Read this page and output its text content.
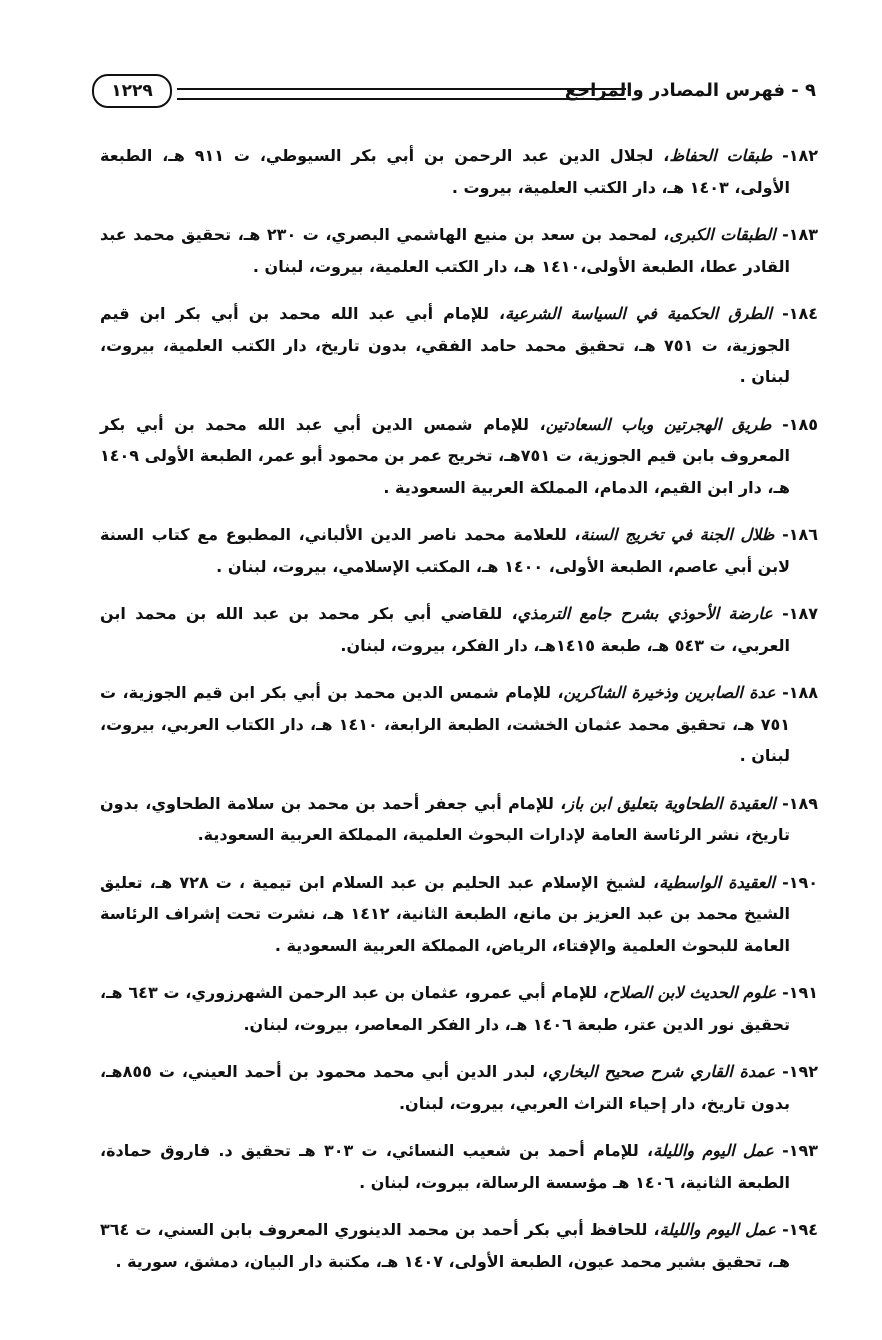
٩ - فهرس المصادر والمراجع
١٢٢٩

١٨٢- طبقات الحفاظ، لجلال الدين عبد الرحمن بن أبي بكر السيوطي، ت ٩١١ هـ، الطبعة الأولى، ١٤٠٣ هـ، دار الكتب العلمية، بيروت .

١٨٣- الطبقات الكبرى، لمحمد بن سعد بن منيع الهاشمي البصري، ت ٢٣٠ هـ، تحقيق محمد عبد القادر عطا، الطبعة الأولى،١٤١٠ هـ، دار الكتب العلمية، بيروت، لبنان .

١٨٤- الطرق الحكمية في السياسة الشرعية، للإمام أبي عبد الله محمد بن أبي بكر ابن قيم الجوزية، ت ٧٥١ هـ، تحقيق محمد حامد الفقي، بدون تاريخ، دار الكتب العلمية، بيروت، لبنان .

١٨٥- طريق الهجرتين وباب السعادتين، للإمام شمس الدين أبي عبد الله محمد بن أبي بكر المعروف بابن قيم الجوزية، ت ٧٥١هـ، تخريج عمر بن محمود أبو عمر، الطبعة الأولى ١٤٠٩ هـ، دار ابن القيم، الدمام، المملكة العربية السعودية .

١٨٦- ظلال الجنة في تخريج السنة، للعلامة محمد ناصر الدين الألباني، المطبوع مع كتاب السنة لابن أبي عاصم، الطبعة الأولى، ١٤٠٠ هـ، المكتب الإسلامي، بيروت، لبنان .

١٨٧- عارضة الأحوذي بشرح جامع الترمذي، للقاضي أبي بكر محمد بن عبد الله بن محمد ابن العربي، ت ٥٤٣ هـ، طبعة ١٤١٥هـ، دار الفكر، بيروت، لبنان.

١٨٨- عدة الصابرين وذخيرة الشاكرين، للإمام شمس الدين محمد بن أبي بكر ابن قيم الجوزية، ت ٧٥١ هـ، تحقيق محمد عثمان الخشت، الطبعة الرابعة، ١٤١٠ هـ، دار الكتاب العربي، بيروت، لبنان .

١٨٩- العقيدة الطحاوية بتعليق ابن باز، للإمام أبي جعفر أحمد بن محمد بن سلامة الطحاوي، بدون تاريخ، نشر الرئاسة العامة لإدارات البحوث العلمية، المملكة العربية السعودية.

١٩٠- العقيدة الواسطية، لشيخ الإسلام عبد الحليم بن عبد السلام ابن تيمية ، ت ٧٢٨ هـ، تعليق الشيخ محمد بن عبد العزيز بن مانع، الطبعة الثانية، ١٤١٢ هـ، نشرت تحت إشراف الرئاسة العامة للبحوث العلمية والإفتاء، الرياض، المملكة العربية السعودية .

١٩١- علوم الحديث لابن الصلاح، للإمام أبي عمرو، عثمان بن عبد الرحمن الشهرزوري، ت ٦٤٣ هـ، تحقيق نور الدين عتر، طبعة ١٤٠٦ هـ، دار الفكر المعاصر، بيروت، لبنان.

١٩٢- عمدة القاري شرح صحيح البخاري، لبدر الدين أبي محمد محمود بن أحمد العيني، ت ٨٥٥هـ، بدون تاريخ، دار إحياء التراث العربي، بيروت، لبنان.

١٩٣- عمل اليوم والليلة، للإمام أحمد بن شعيب النسائي، ت ٣٠٣ هـ تحقيق د. فاروق حمادة، الطبعة الثانية، ١٤٠٦ هـ مؤسسة الرسالة، بيروت، لبنان .

١٩٤- عمل اليوم والليلة، للحافظ أبي بكر أحمد بن محمد الدينوري المعروف بابن السني، ت ٣٦٤ هـ، تحقيق بشير محمد عيون، الطبعة الأولى، ١٤٠٧ هـ، مكتبة دار البيان، دمشق، سورية .
